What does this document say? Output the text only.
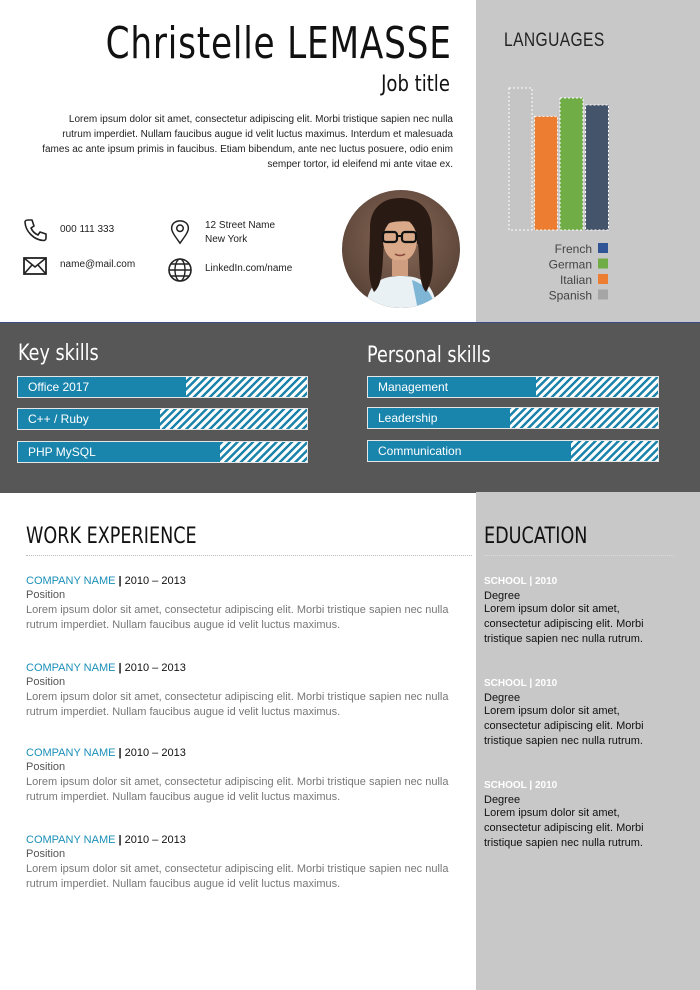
LANGUAGES
French
German
Italian
Spanish
Christelle LEMASSE
Job title
Lorem ipsum dolor sit amet, consectetur adipiscing elit. Morbi tristique sapien nec nulla rutrum imperdiet. Nullam faucibus augue id velit luctus maximus. Interdum et malesuada fames ac ante ipsum primis in faucibus. Etiam bibendum, ante nec luctus posuere, odio enim semper tortor, id eleifend mi ante vitae ex.
000 111 333
name@mail.com
12 Street Name
New York
LinkedIn.com/name
Key skills	Personal skills
Office 2017
C++ / Ruby
PHP MySQL
Management
Leadership
Communication
WORK EXPERIENCE
COMPANY NAME | 2010 – 2013
Position
Lorem ipsum dolor sit amet, consectetur adipiscing elit. Morbi tristique sapien nec nulla rutrum imperdiet. Nullam faucibus augue id velit luctus maximus.
COMPANY NAME | 2010 – 2013
Position
Lorem ipsum dolor sit amet, consectetur adipiscing elit. Morbi tristique sapien nec nulla rutrum imperdiet. Nullam faucibus augue id velit luctus maximus.
COMPANY NAME | 2010 – 2013
Position
Lorem ipsum dolor sit amet, consectetur adipiscing elit. Morbi tristique sapien nec nulla rutrum imperdiet. Nullam faucibus augue id velit luctus maximus.
COMPANY NAME | 2010 – 2013
Position
Lorem ipsum dolor sit amet, consectetur adipiscing elit. Morbi tristique sapien nec nulla rutrum imperdiet. Nullam faucibus augue id velit luctus maximus.
EDUCATION
SCHOOL | 2010
Degree
Lorem ipsum dolor sit amet, consectetur adipiscing elit. Morbi tristique sapien nec nulla rutrum.
SCHOOL | 2010
Degree
Lorem ipsum dolor sit amet, consectetur adipiscing elit. Morbi tristique sapien nec nulla rutrum.
SCHOOL | 2010
Degree
Lorem ipsum dolor sit amet, consectetur adipiscing elit. Morbi tristique sapien nec nulla rutrum.
